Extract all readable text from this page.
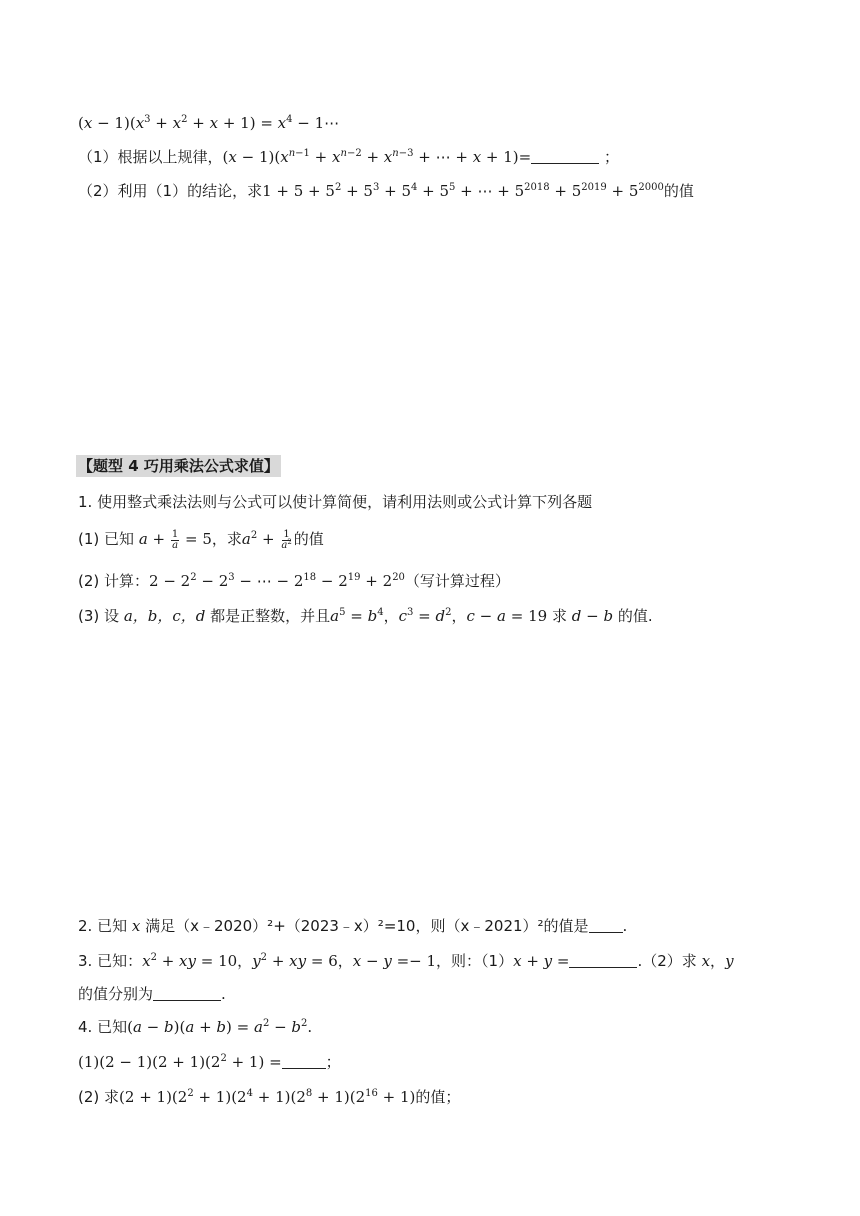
$(x - 1)(x^3 + x^2 + x + 1) = x^4$ − 1⋯
（1）根据以上规律，$(x - 1)(x^{n-1} + x^{n-2} + x^{n-3}$ + ⋯ + x + 1)=	；
（2）利用（1）的结论，求$1 + 5 + 5^2 + 5^3 + 5^4 + 5^5$ + ⋯ + $5^{2018} + 5^{2019} + 5^{2000}$的值
【题型 4 巧用乘法公式求值】
1. 使用整式乘法法则与公式可以使计算简便，请利用法则或公式计算下列各题
(1) 已知 $a + \frac{1}{a} = 5$，求$a^2 + \frac{1}{a^2}$ 的值
(2) 计算：$2 - 2^2 - 2^3$ − ⋯ − $2^{18} - 2^{19} + 2^{20}$（写计算过程）
(3) 设 a，b，c，d 都是正整数，并且$a^5 = b^4$，$c^3 = d^2$，c − a = 19 求 d − b 的值.
2. 已知 x 满足（x﹣2020）²+（2023﹣x）²=10，则（x﹣2021）²的值是 .
3. 已知：$x^2$ + xy = 10，$y^2$ + xy = 6，x − y =− 1，则：（1）x + y =	.（2）求 x，y
的值分别为	.
4. 已知$(a - b)(a + b) = a^2 - b^2$.
$(1)(2 - 1)(2 + 1)(2^2 + 1)$ =	；
(2) 求$(2 + 1)(2^2 + 1)(2^4 + 1)(2^8 + 1)(2^{16} + 1)$的值；
